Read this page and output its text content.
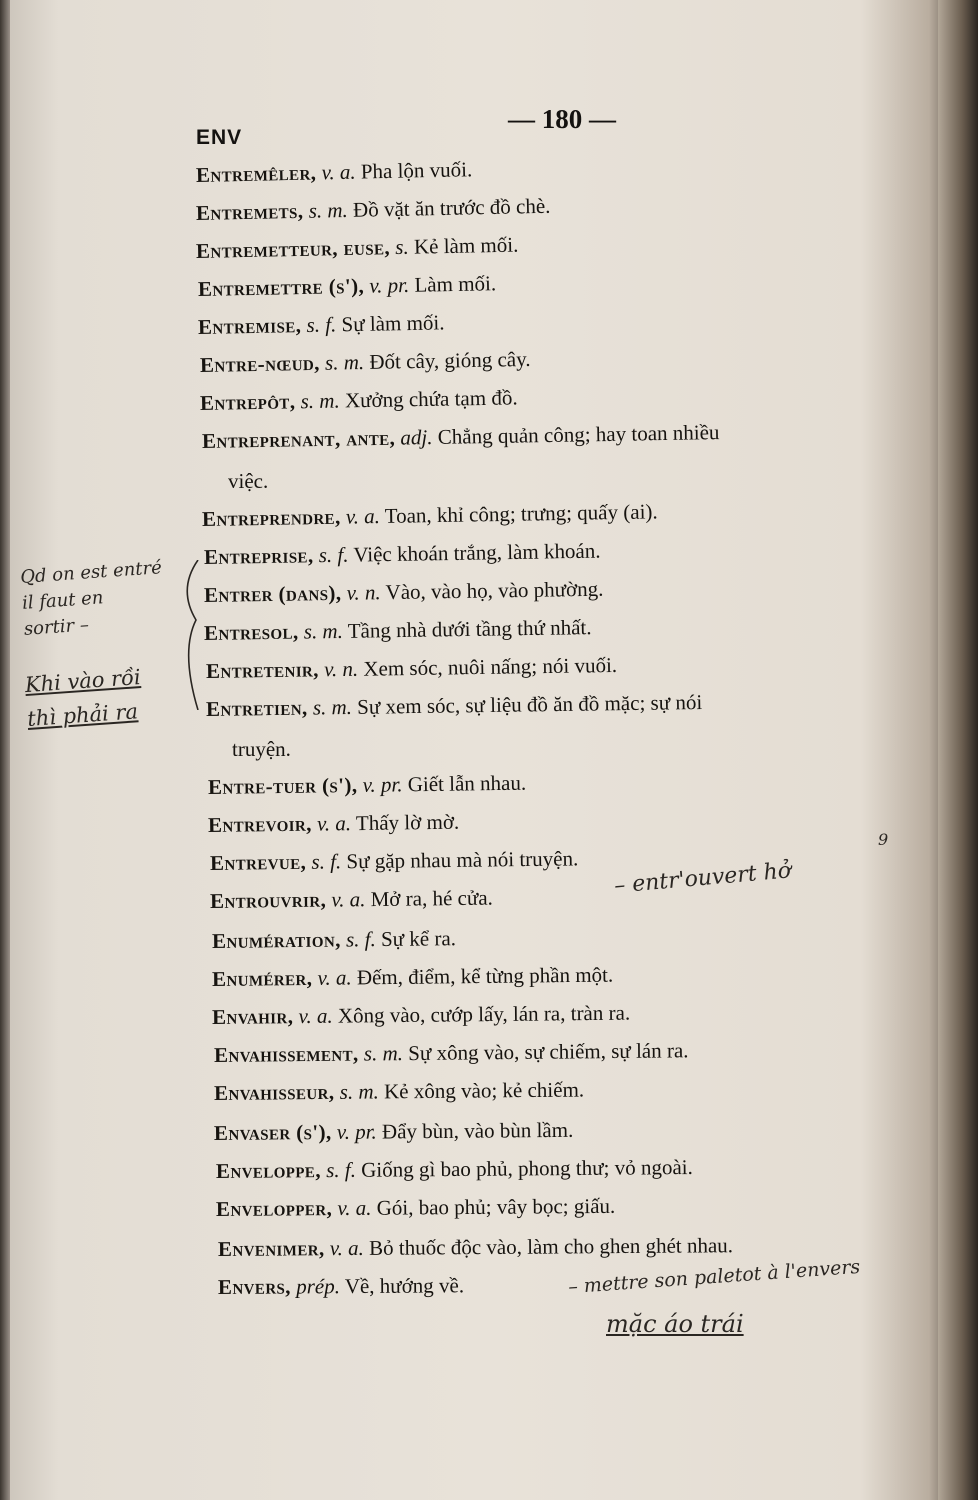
ENV
— 180 —
Entremêler, v. a. Pha lộn vuối.
Entremets, s. m. Đồ vặt ăn trước đồ chè.
Entremetteur, euse, s. Kẻ làm mối.
Entremettre (s'), v. pr. Làm mối.
Entremise, s. f. Sự làm mối.
Entre-nœud, s. m. Đốt cây, gióng cây.
Entrepôt, s. m. Xưởng chứa tạm đồ.
Entreprenant, ante, adj. Chẳng quản công; hay toan nhiều
việc.
Entreprendre, v. a. Toan, khỉ công; trưng; quấy (ai).
Entreprise, s. f. Việc khoán trắng, làm khoán.
Entrer (dans), v. n. Vào, vào họ, vào phường.
Entresol, s. m. Tầng nhà dưới tầng thứ nhất.
Entretenir, v. n. Xem sóc, nuôi nấng; nói vuối.
Entretien, s. m. Sự xem sóc, sự liệu đồ ăn đồ mặc; sự nói
truyện.
Entre-tuer (s'), v. pr. Giết lẫn nhau.
Entrevoir, v. a. Thấy lờ mờ.
Entrevue, s. f. Sự gặp nhau mà nói truyện.
Entrouvrir, v. a. Mở ra, hé cửa.
Enumération, s. f. Sự kể ra.
Enumérer, v. a. Đếm, điểm, kể từng phần một.
Envahir, v. a. Xông vào, cướp lấy, lán ra, tràn ra.
Envahissement, s. m. Sự xông vào, sự chiếm, sự lán ra.
Envahisseur, s. m. Kẻ xông vào; kẻ chiếm.
Envaser (s'), v. pr. Đẩy bùn, vào bùn lầm.
Enveloppe, s. f. Giống gì bao phủ, phong thư; vỏ ngoài.
Envelopper, v. a. Gói, bao phủ; vây bọc; giấu.
Envenimer, v. a. Bỏ thuốc độc vào, làm cho ghen ghét nhau.
Envers, prép. Về, hướng về.
Qd on est entré
il faut en
sortir –
Khi vào rồi
thì phải ra
– entr'ouvert hở
9
– mettre son paletot à l'envers
mặc áo trái
